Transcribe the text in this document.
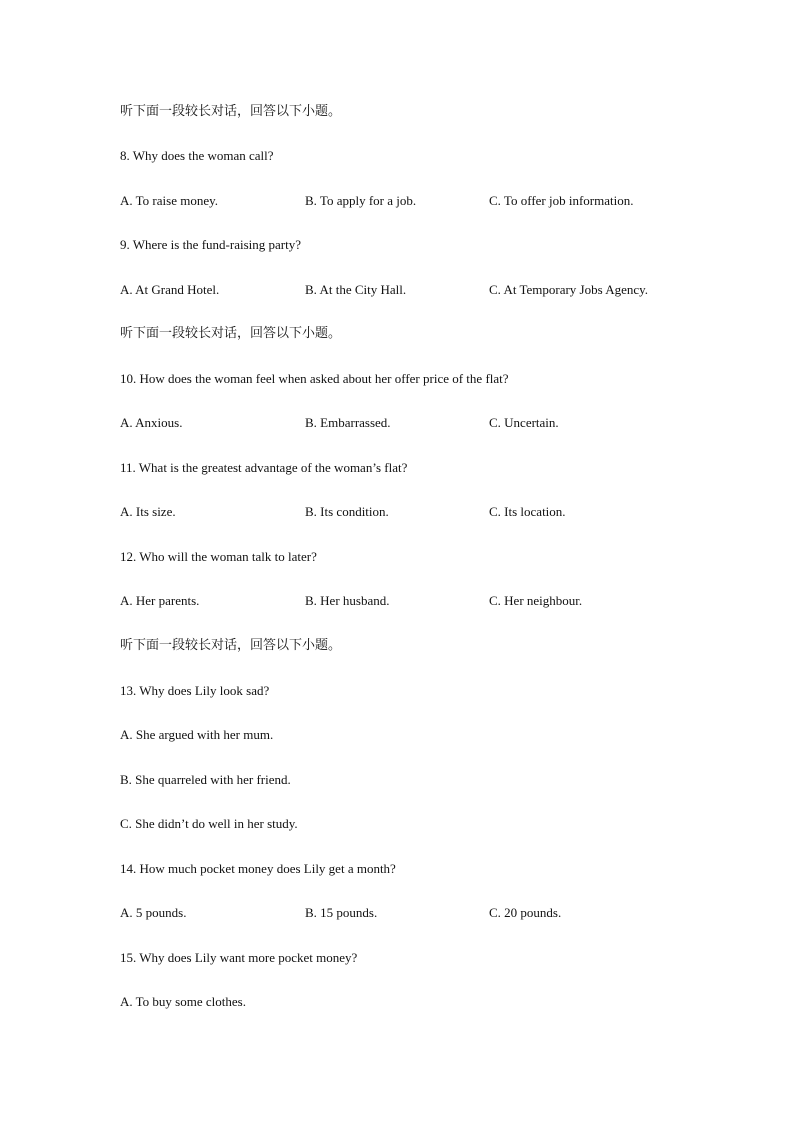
听下面一段较长对话，回答以下小题。
8. Why does the woman call?
A. To raise money.	B. To apply for a job.	C. To offer job information.
9. Where is the fund-raising party?
A. At Grand Hotel.	B. At the City Hall.	C. At Temporary Jobs Agency.
听下面一段较长对话，回答以下小题。
10. How does the woman feel when asked about her offer price of the flat?
A. Anxious.	B. Embarrassed.	C. Uncertain.
11. What is the greatest advantage of the woman’s flat?
A. Its size.	B. Its condition.	C. Its location.
12. Who will the woman talk to later?
A. Her parents.	B. Her husband.	C. Her neighbour.
听下面一段较长对话，回答以下小题。
13. Why does Lily look sad?
A. She argued with her mum.
B. She quarreled with her friend.
C. She didn’t do well in her study.
14. How much pocket money does Lily get a month?
A. 5 pounds.	B. 15 pounds.	C. 20 pounds.
15. Why does Lily want more pocket money?
A. To buy some clothes.
